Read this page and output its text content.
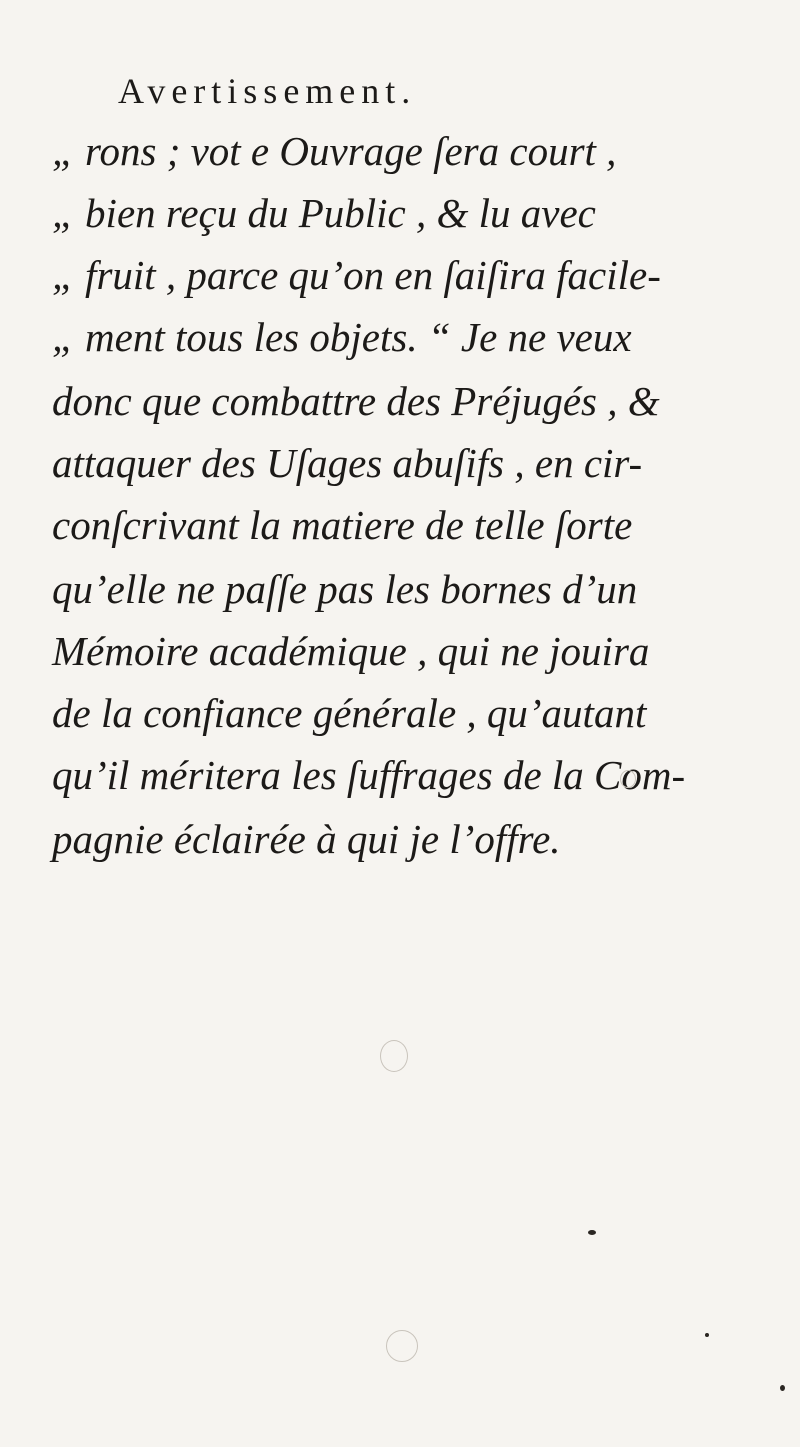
Avertissement.
„ rons ; vot e Ouvrage ſera court ,
„ bien reçu du Public , & lu avec
„ fruit , parce qu’on en ſaiſira facile-
„ ment tous les objets. “ Je ne veux
donc que combattre des Préjugés , &
attaquer des Uſages abuſifs , en cir-
conſcrivant la matiere de telle ſorte
qu’elle ne paſſe pas les bornes d’un
Mémoire académique , qui ne jouira
de la confiance générale , qu’autant
qu’il méritera les ſuffrages de la Com-
pagnie éclairée à qui je l’offre.
